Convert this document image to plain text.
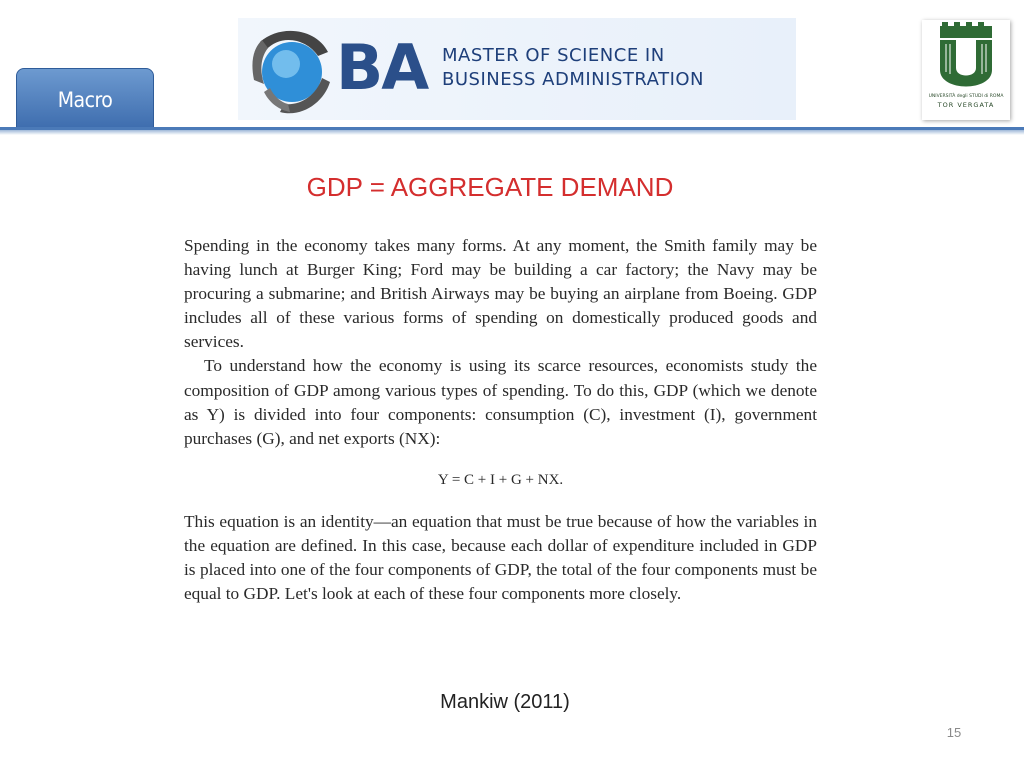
Macro	BA MASTER OF SCIENCE IN
BUSINESS ADMINISTRATION
UNIVERSITÀ degli STUDI di ROMA
TOR VERGATA
GDP = AGGREGATE DEMAND

Spending in the economy takes many forms. At any moment, the Smith family may be having lunch at Burger King; Ford may be building a car factory; the Navy may be procuring a submarine; and British Airways may be buying an airplane from Boeing. GDP includes all of these various forms of spending on domestically produced goods and services.

To understand how the economy is using its scarce resources, economists study the composition of GDP among various types of spending. To do this, GDP (which we denote as Y) is divided into four components: consumption (C), investment (I), government purchases (G), and net exports (NX):

Y = C + I + G + NX.

This equation is an identity—an equation that must be true because of how the variables in the equation are defined. In this case, because each dollar of expenditure included in GDP is placed into one of the four components of GDP, the total of the four components must be equal to GDP. Let's look at each of these four components more closely.

Mankiw (2011)
15
